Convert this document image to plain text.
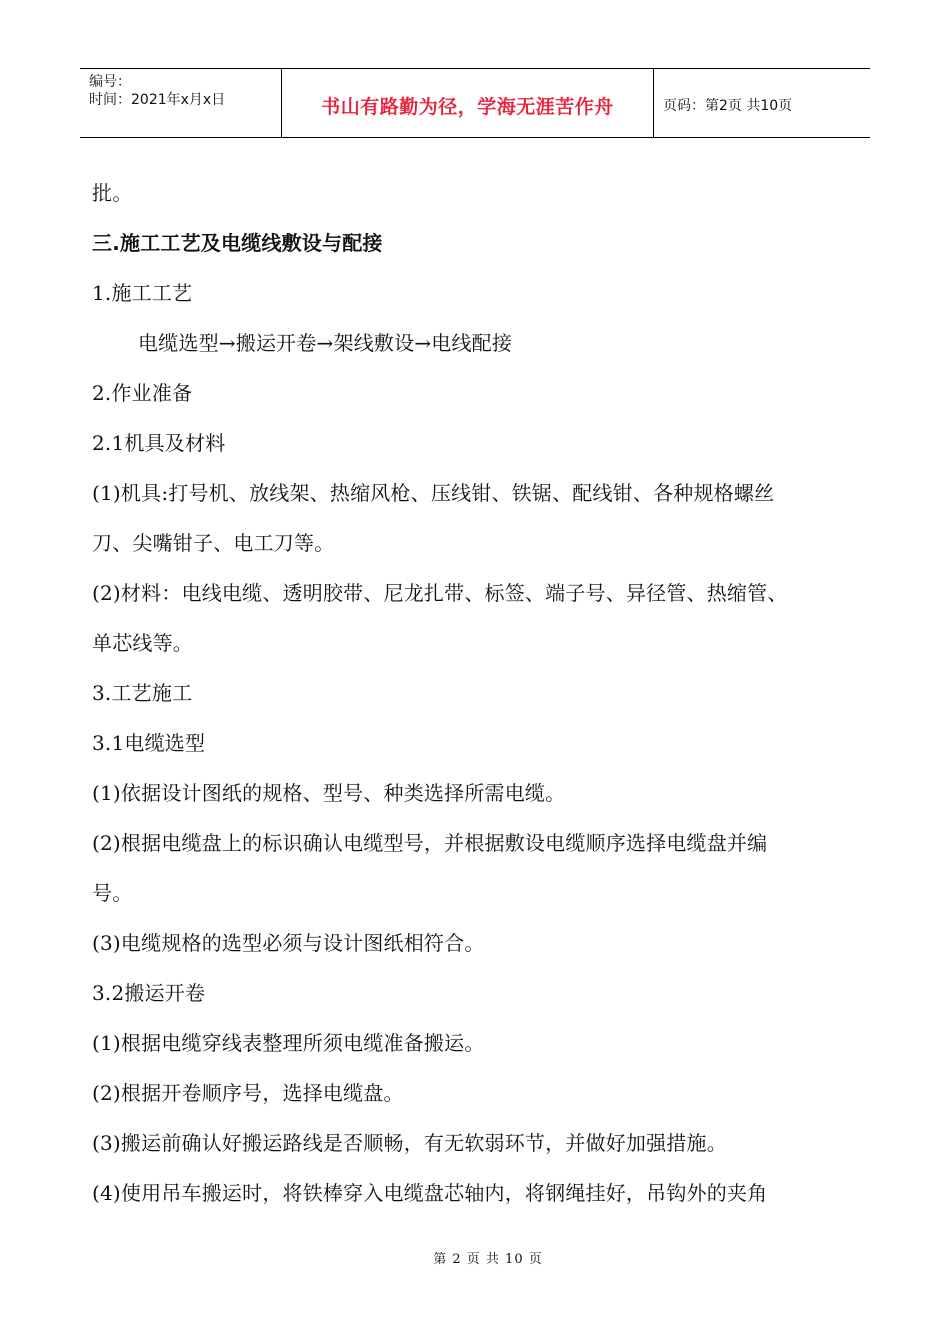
编号：
时间：2021年x月x日	书山有路勤为径，学海无涯苦作舟	页码：第2页 共10页
批。
三.施工工艺及电缆线敷设与配接
1.施工工艺
电缆选型→搬运开卷→架线敷设→电线配接
2.作业准备
2.1机具及材料
(1)机具:打号机、放线架、热缩风枪、压线钳、铁锯、配线钳、各种规格螺丝
刀、尖嘴钳子、电工刀等。
(2)材料：电线电缆、透明胶带、尼龙扎带、标签、端子号、异径管、热缩管、
单芯线等。
3.工艺施工
3.1电缆选型
(1)依据设计图纸的规格、型号、种类选择所需电缆。
(2)根据电缆盘上的标识确认电缆型号，并根据敷设电缆顺序选择电缆盘并编
号。
(3)电缆规格的选型必须与设计图纸相符合。
3.2搬运开卷
(1)根据电缆穿线表整理所须电缆准备搬运。
(2)根据开卷顺序号，选择电缆盘。
(3)搬运前确认好搬运路线是否顺畅，有无软弱环节，并做好加强措施。
(4)使用吊车搬运时，将铁棒穿入电缆盘芯轴内，将钢绳挂好，吊钩外的夹角
第 2 页 共 10 页
